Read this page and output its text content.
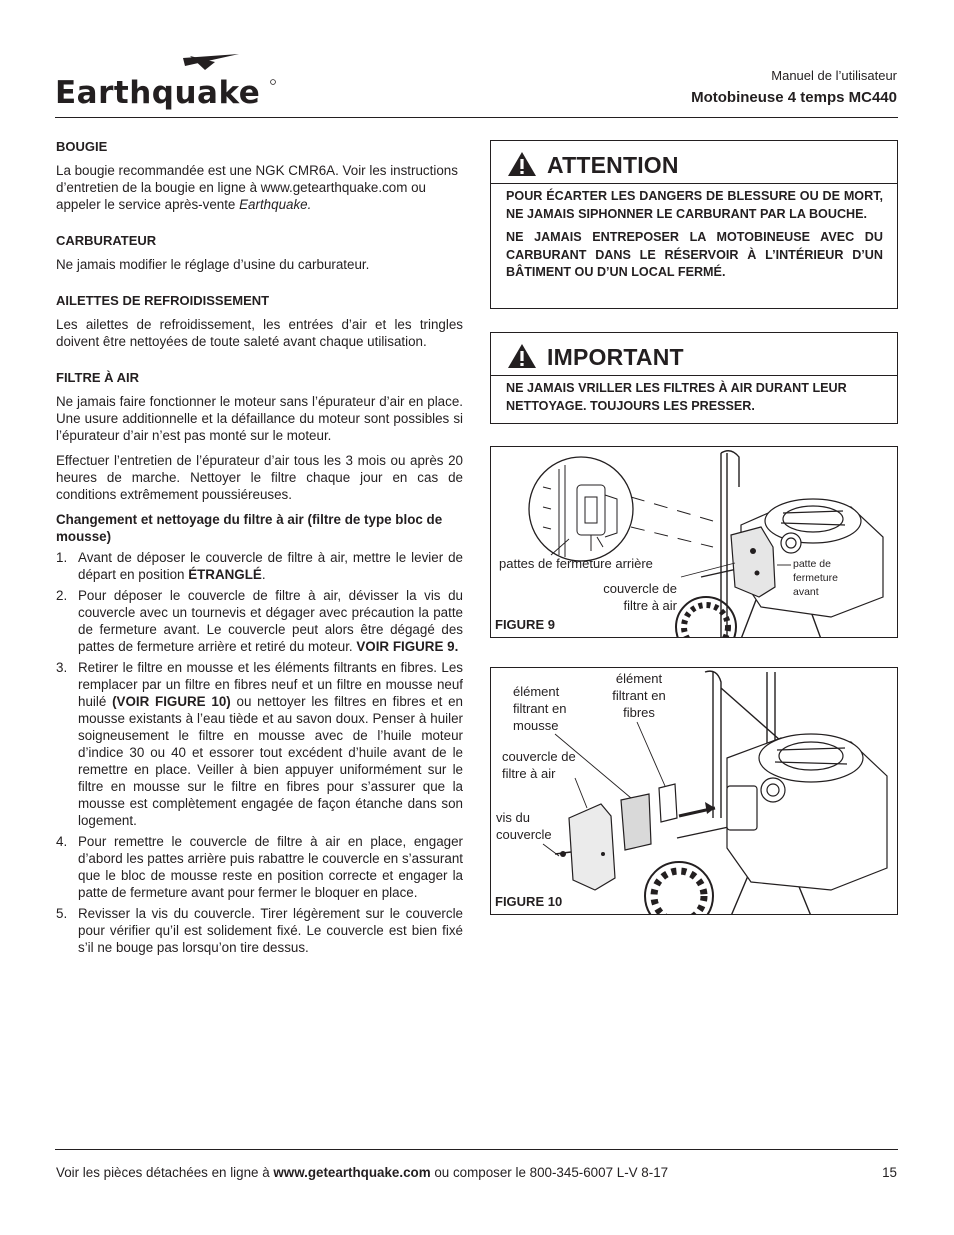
Earthquake	Manuel de l’utilisateur
Motobineuse 4 temps MC440
BOUGIE

La bougie recommandée est une NGK CMR6A. Voir les instructions d’entretien de la bougie en ligne à www.getearthquake.com ou appeler le service après-vente Earthquake.

CARBURATEUR

Ne jamais modifier le réglage d’usine du carburateur.

AILETTES DE REFROIDISSEMENT

Les ailettes de refroidissement, les entrées d’air et les tringles doivent être nettoyées de toute saleté avant chaque utilisation.

FILTRE À AIR

Ne jamais faire fonctionner le moteur sans l’épurateur d’air en place. Une usure additionnelle et la défaillance du moteur sont possibles si l’épurateur d’air n’est pas monté sur le moteur.

Effectuer l’entretien de l’épurateur d’air tous les 3 mois ou après 20 heures de marche. Nettoyer le filtre chaque jour en cas de conditions extrêmement poussiéreuses.

Changement et nettoyage du filtre à air (filtre de type bloc de mousse)
1. Avant de déposer le couvercle de filtre à air, mettre le levier de départ en position ÉTRANGLÉ.
2. Pour déposer le couvercle de filtre à air, dévisser la vis du couvercle avec un tournevis et dégager avec précaution la patte de fermeture avant. Le couvercle peut alors être dégagé des pattes de fermeture arrière et retiré du moteur. VOIR FIGURE 9.
3. Retirer le filtre en mousse et les éléments filtrants en fibres. Les remplacer par un filtre en fibres neuf et un filtre en mousse neuf huilé (VOIR FIGURE 10) ou nettoyer les filtres en fibres et en mousse existants à l’eau tiède et au savon doux. Penser à huiler soigneusement le filtre en mousse avec de l’huile moteur d’indice 30 ou 40 et essorer tout excédent d’huile avant de le remettre en place. Veiller à bien appuyer uniformément sur le filtre en mousse sur le filtre en fibres pour s’assurer que la mousse est complètement engagée de façon étanche dans son logement.
4. Pour remettre le couvercle de filtre à air en place, engager d’abord les pattes arrière puis rabattre le couvercle en s’assurant que le bloc de mousse reste en position correcte et engager la patte de fermeture avant pour fermer le bloquer en place.
5. Revisser la vis du couvercle. Tirer légèrement sur le couvercle pour vérifier qu’il est solidement fixé. Le couvercle est bien fixé s’il ne bouge pas lorsqu’on tire dessus.
ATTENTION

POUR ÉCARTER LES DANGERS DE BLESSURE OU DE MORT, NE JAMAIS SIPHONNER LE CARBURANT PAR LA BOUCHE.

NE JAMAIS ENTREPOSER LA MOTOBINEUSE AVEC DU CARBURANT DANS LE RÉSERVOIR À L’INTÉRIEUR D’UN BÂTIMENT OU D’UN LOCAL FERMÉ.

IMPORTANT

NE JAMAIS VRILLER LES FILTRES À AIR DURANT LEUR NETTOYAGE. TOUJOURS LES PRESSER.

pattes de fermeture arrière
couvercle de filtre à air
patte de fermeture avant
FIGURE 9
élément filtrant en mousse
élément filtrant en fibres
couvercle de filtre à air
vis du couvercle
FIGURE 10
Voir les pièces détachées en ligne à www.getearthquake.com ou composer le 800-345-6007 L-V 8-17	15
